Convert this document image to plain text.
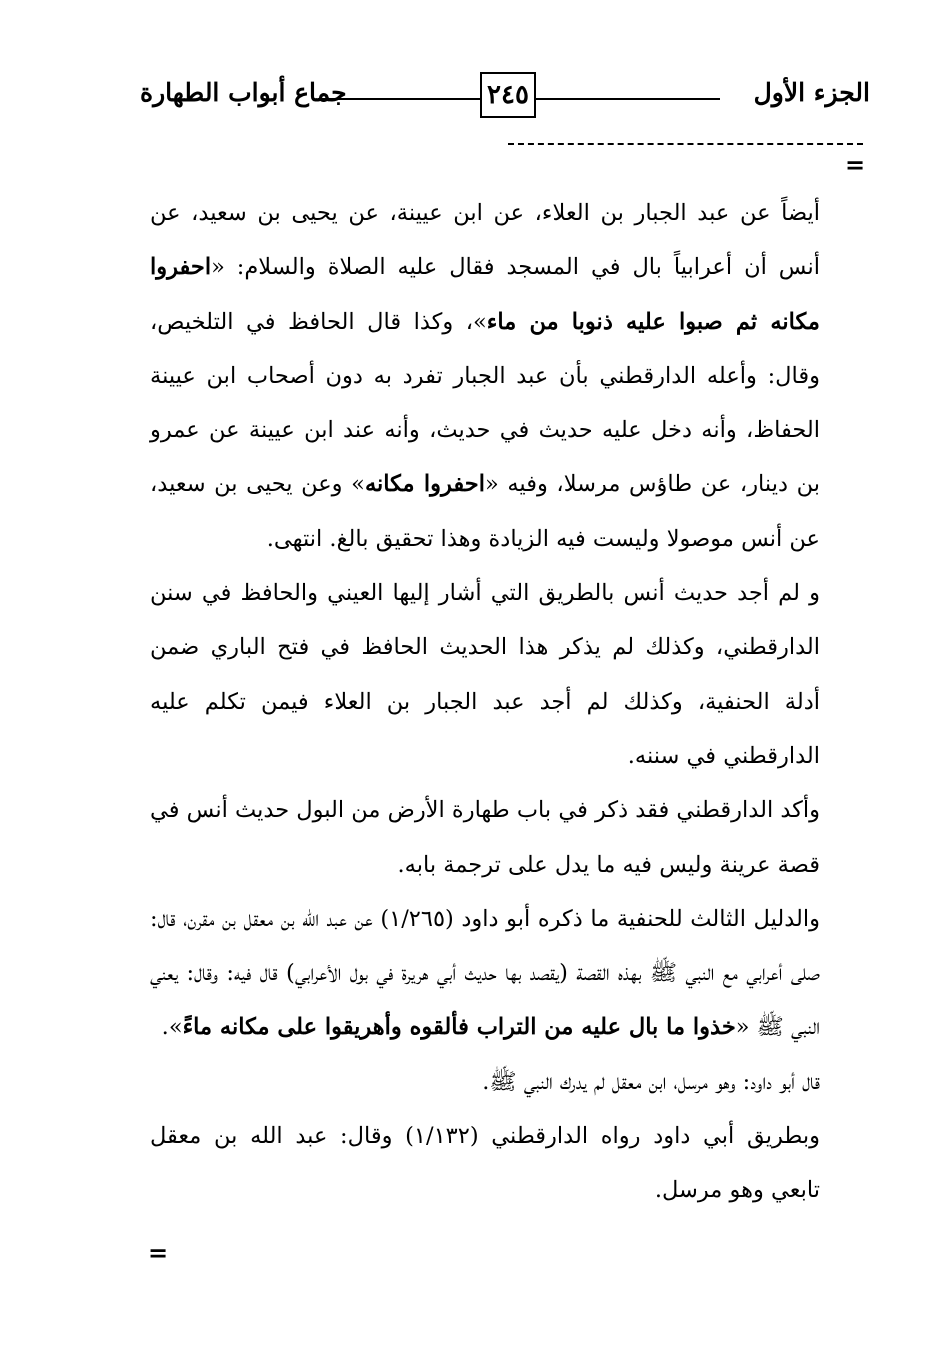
الجزء الأول
٢٤٥
جماع أبواب الطهارة
=

أيضاً عن عبد الجبار بن العلاء، عن ابن عيينة، عن يحيى بن سعيد، عن أنس أن أعرابياً بال في المسجد فقال عليه الصلاة والسلام: «احفروا مكانه ثم صبوا عليه ذنوبا من ماء»، وكذا قال الحافظ في التلخيص، وقال: وأعله الدارقطني بأن عبد الجبار تفرد به دون أصحاب ابن عيينة الحفاظ، وأنه دخل عليه حديث في حديث، وأنه عند ابن عيينة عن عمرو بن دينار، عن طاؤس مرسلا، وفيه «احفروا مكانه» وعن يحيى بن سعيد، عن أنس موصولا وليست فيه الزيادة وهذا تحقيق بالغ. انتهى.

و لم أجد حديث أنس بالطريق التي أشار إليها العيني والحافظ في سنن الدارقطني، وكذلك لم يذكر هذا الحديث الحافظ في فتح الباري ضمن أدلة الحنفية، وكذلك لم أجد عبد الجبار بن العلاء فيمن تكلم عليه الدارقطني في سننه.

وأكد الدارقطني فقد ذكر في باب طهارة الأرض من البول حديث أنس في قصة عرينة وليس فيه ما يدل على ترجمة بابه.

والدليل الثالث للحنفية ما ذكره أبو داود (١/٢٦٥) عن عبد الله بن معقل بن مقرن، قال: صلى أعرابي مع النبي ﷺ بهذه القصة (يقصد بها حديث أبي هريرة في بول الأعرابي) قال فيه: وقال: يعني النبي ﷺ «خذوا ما بال عليه من التراب فألقوه وأهريقوا على مكانه ماءً».

قال أبو داود: وهو مرسل، ابن معقل لم يدرك النبي ﷺ.

وبطريق أبي داود رواه الدارقطني (١/١٣٢) وقال: عبد الله بن معقل تابعي وهو مرسل.

=
